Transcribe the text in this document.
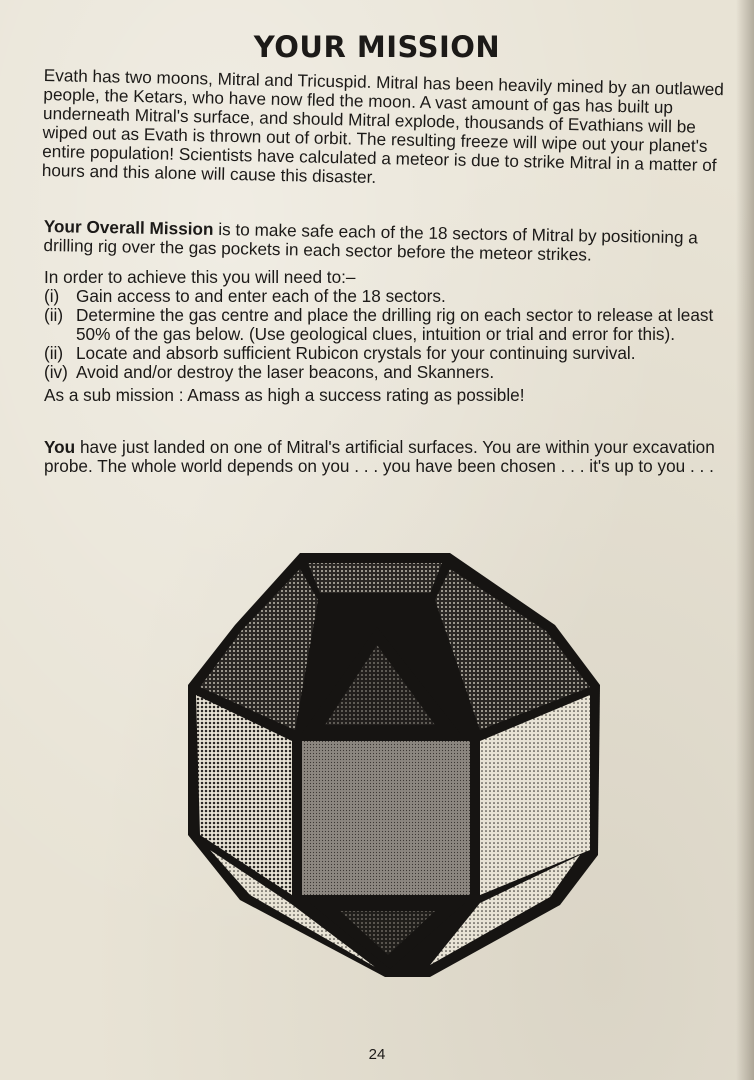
YOUR MISSION

Evath has two moons, Mitral and Tricuspid. Mitral has been heavily mined by an outlawed people, the Ketars, who have now fled the moon. A vast amount of gas has built up underneath Mitral's surface, and should Mitral explode, thousands of Evathians will be wiped out as Evath is thrown out of orbit. The resulting freeze will wipe out your planet's entire population! Scientists have calculated a meteor is due to strike Mitral in a matter of hours and this alone will cause this disaster.

Your Overall Mission is to make safe each of the 18 sectors of Mitral by positioning a drilling rig over the gas pockets in each sector before the meteor strikes.

In order to achieve this you will need to:–

(i) Gain access to and enter each of the 18 sectors.
(ii) Determine the gas centre and place the drilling rig on each sector to release at least 50% of the gas below. (Use geological clues, intuition or trial and error for this).
(ii) Locate and absorb sufficient Rubicon crystals for your continuing survival.
(iv) Avoid and/or destroy the laser beacons, and Skanners.

As a sub mission : Amass as high a success rating as possible!

You have just landed on one of Mitral's artificial surfaces. You are within your excavation probe. The whole world depends on you . . . you have been chosen . . . it's up to you . . .

24
